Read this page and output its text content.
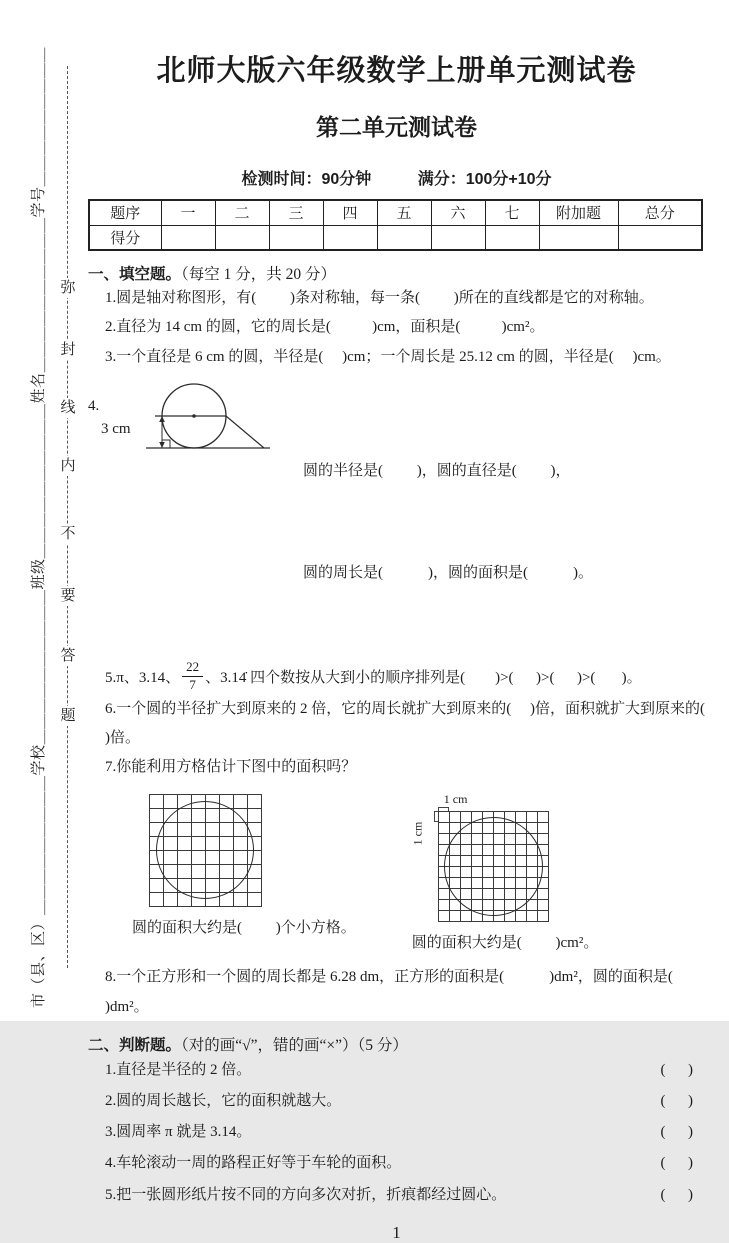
市（县、区）＿＿＿＿＿＿＿＿＿学校＿＿＿＿＿＿＿＿＿＿班级＿＿＿＿＿＿＿＿＿＿姓名＿＿＿＿＿＿＿＿＿＿学号＿＿＿＿＿＿＿＿＿ 弥
封
线
内
不
要
答
题
北师大版六年级数学上册单元测试卷
第二单元测试卷
检测时间：90分钟	满分：100分+10分
题序	一	二	三	四	五	六	七	附加题	总分
得分									
一、填空题。（每空 1 分，共 20 分）
1.圆是轴对称图形，有(         )条对称轴，每一条(         )所在的直线都是它的对称轴。
2.直径为 14 cm 的圆，它的周长是(           )cm，面积是(           )cm²。
3.一个直径是 6 cm 的圆，半径是(     )cm；一个周长是 25.12 cm 的圆，半径是(     )cm。
4.
3 cm

圆的半径是(         )，圆的直径是(         )，

圆的周长是(            )，圆的面积是(            )。

5.π、3.14、 $\frac{22}{7}$ 、3.14̇ 四个数按从大到小的顺序排列是(        )>(      )>(      )>(       )。
6.一个圆的半径扩大到原来的 2 倍，它的周长就扩大到原来的(     )倍，面积就扩大到原来的(     )倍。
7.你能利用方格估计下图中的面积吗？
圆的面积大约是(         )个小方格。
1 cm
1 cm
圆的面积大约是(         )cm²。
8.一个正方形和一个圆的周长都是 6.28 dm，正方形的面积是(            )dm²，圆的面积是(         )dm²。
二、判断题。（对的画“√”，错的画“×”）（5 分）
1.直径是半径的 2 倍。	(      )
2.圆的周长越长，它的面积就越大。	(      )
3.圆周率 π 就是 3.14。	(      )
4.车轮滚动一周的路程正好等于车轮的面积。	(      )
5.把一张圆形纸片按不同的方向多次对折，折痕都经过圆心。	(      )
1
